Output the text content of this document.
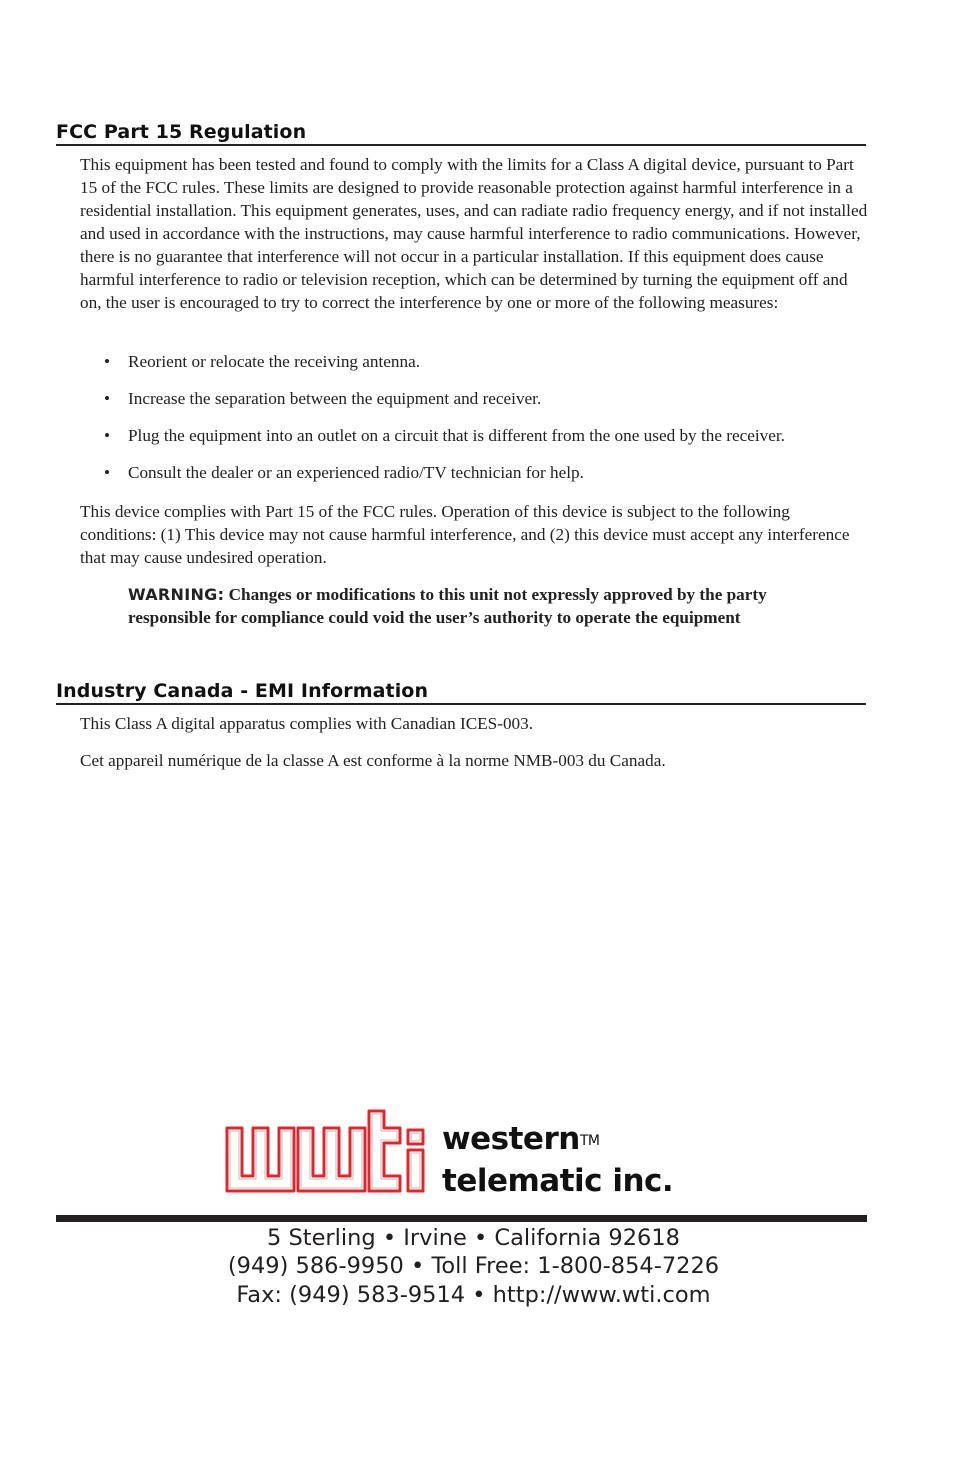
FCC Part 15 Regulation
This equipment has been tested and found to comply with the limits for a Class A digital device, pursuant to Part 15 of the FCC rules. These limits are designed to provide reasonable protection against harmful interference in a residential installation. This equipment generates, uses, and can radiate radio frequency energy, and if not installed and used in accordance with the instructions, may cause harmful interference to radio communications. However, there is no guarantee that interference will not occur in a particular installation. If this equipment does cause harmful interference to radio or television reception, which can be determined by turning the equipment off and on, the user is encouraged to try to correct the interference by one or more of the following measures:
• Reorient or relocate the receiving antenna.
• Increase the separation between the equipment and receiver.
• Plug the equipment into an outlet on a circuit that is different from the one used by the receiver.
• Consult the dealer or an experienced radio/TV technician for help.
This device complies with Part 15 of the FCC rules. Operation of this device is subject to the following conditions: (1) This device may not cause harmful interference, and (2) this device must accept any interference that may cause undesired operation.
WARNING: Changes or modifications to this unit not expressly approved by the party responsible for compliance could void the user’s authority to operate the equipment
Industry Canada - EMI Information
This Class A digital apparatus complies with Canadian ICES-003.
Cet appareil numérique de la classe A est conforme à la norme NMB-003 du Canada.
western™
telematic inc.
5 Sterling • Irvine • California 92618
(949) 586-9950 • Toll Free: 1-800-854-7226
Fax: (949) 583-9514 • http://www.wti.com
